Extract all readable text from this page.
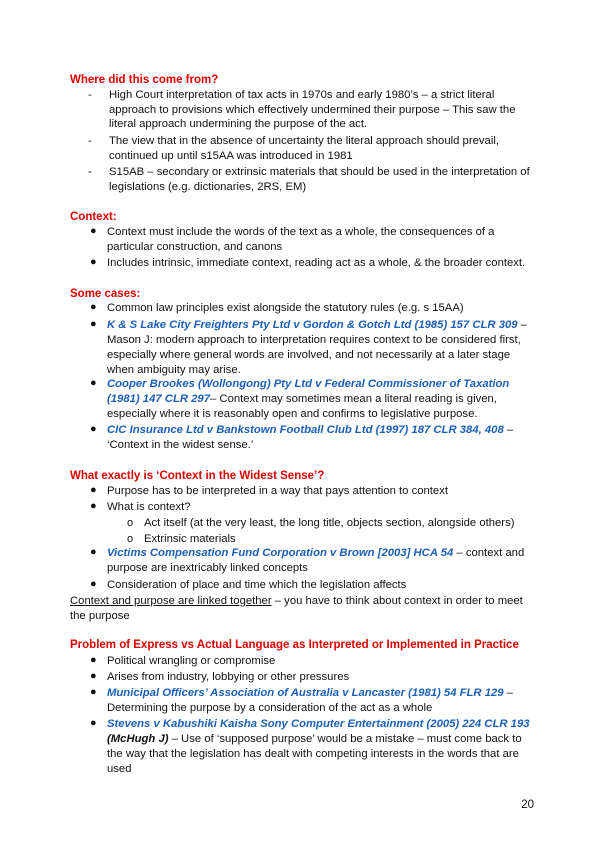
Where did this come from?
-	High Court interpretation of tax acts in 1970s and early 1980’s – a strict literal approach to provisions which effectively undermined their purpose – This saw the literal approach undermining the purpose of the act.
-	The view that in the absence of uncertainty the literal approach should prevail, continued up until s15AA was introduced in 1981
-	S15AB – secondary or extrinsic materials that should be used in the interpretation of legislations (e.g. dictionaries, 2RS, EM)
Context:
● Context must include the words of the text as a whole, the consequences of a particular construction, and canons
● Includes intrinsic, immediate context, reading act as a whole, & the broader context.
Some cases:
● Common law principles exist alongside the statutory rules (e.g. s 15AA)
● K & S Lake City Freighters Pty Ltd v Gordon & Gotch Ltd (1985) 157 CLR 309 – Mason J: modern approach to interpretation requires context to be considered first, especially where general words are involved, and not necessarily at a later stage when ambiguity may arise.
● Cooper Brookes (Wollongong) Pty Ltd v Federal Commissioner of Taxation (1981) 147 CLR 297– Context may sometimes mean a literal reading is given, especially where it is reasonably open and confirms to legislative purpose.
● CIC Insurance Ltd v Bankstown Football Club Ltd (1997) 187 CLR 384, 408 – ‘Context in the widest sense.’
What exactly is ‘Context in the Widest Sense’?
● Purpose has to be interpreted in a way that pays attention to context
● What is context?
o Act itself (at the very least, the long title, objects section, alongside others)
o Extrinsic materials
● Victims Compensation Fund Corporation v Brown [2003] HCA 54 – context and purpose are inextricably linked concepts
● Consideration of place and time which the legislation affects
Context and purpose are linked together – you have to think about context in order to meet the purpose
Problem of Express vs Actual Language as Interpreted or Implemented in Practice
● Political wrangling or compromise
● Arises from industry, lobbying or other pressures
● Municipal Officers’ Association of Australia v Lancaster (1981) 54 FLR 129 – Determining the purpose by a consideration of the act as a whole
● Stevens v Kabushiki Kaisha Sony Computer Entertainment (2005) 224 CLR 193 (McHugh J) – Use of ‘supposed purpose’ would be a mistake – must come back to the way that the legislation has dealt with competing interests in the words that are used
20
